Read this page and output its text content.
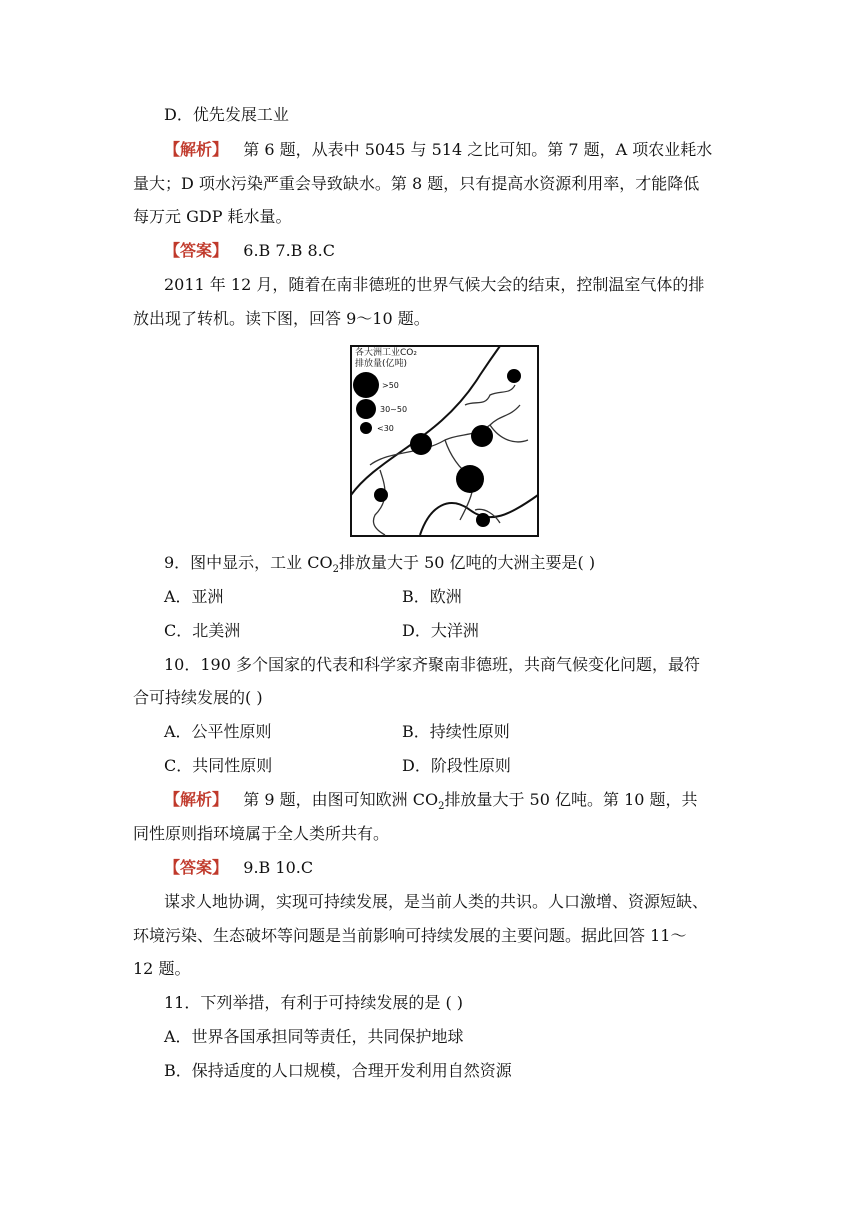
D．优先发展工业
【解析】 第 6 题，从表中 5045 与 514 之比可知。第 7 题，A 项农业耗水
量大；D 项水污染严重会导致缺水。第 8 题，只有提高水资源利用率，才能降低
每万元 GDP 耗水量。
【答案】 6.B 7.B 8.C
2011 年 12 月，随着在南非德班的世界气候大会的结束，控制温室气体的排
放出现了转机。读下图，回答 9～10 题。
各大洲工业CO₂
排放量(亿吨)
>50
30~50
<30
9．图中显示，工业 $CO_2$排放量大于 50 亿吨的大洲主要是( )
A．亚洲	B．欧洲
C．北美洲	D．大洋洲
10．190 多个国家的代表和科学家齐聚南非德班，共商气候变化问题，最符
合可持续发展的( )
A．公平性原则	B．持续性原则
C．共同性原则	D．阶段性原则
【解析】 第 9 题，由图可知欧洲 $CO_2$排放量大于 50 亿吨。第 10 题，共
同性原则指环境属于全人类所共有。
【答案】 9.B 10.C
谋求人地协调，实现可持续发展，是当前人类的共识。人口激增、资源短缺、
环境污染、生态破坏等问题是当前影响可持续发展的主要问题。据此回答 11～
12 题。
11．下列举措，有利于可持续发展的是 ( )
A．世界各国承担同等责任，共同保护地球
B．保持适度的人口规模，合理开发利用自然资源
